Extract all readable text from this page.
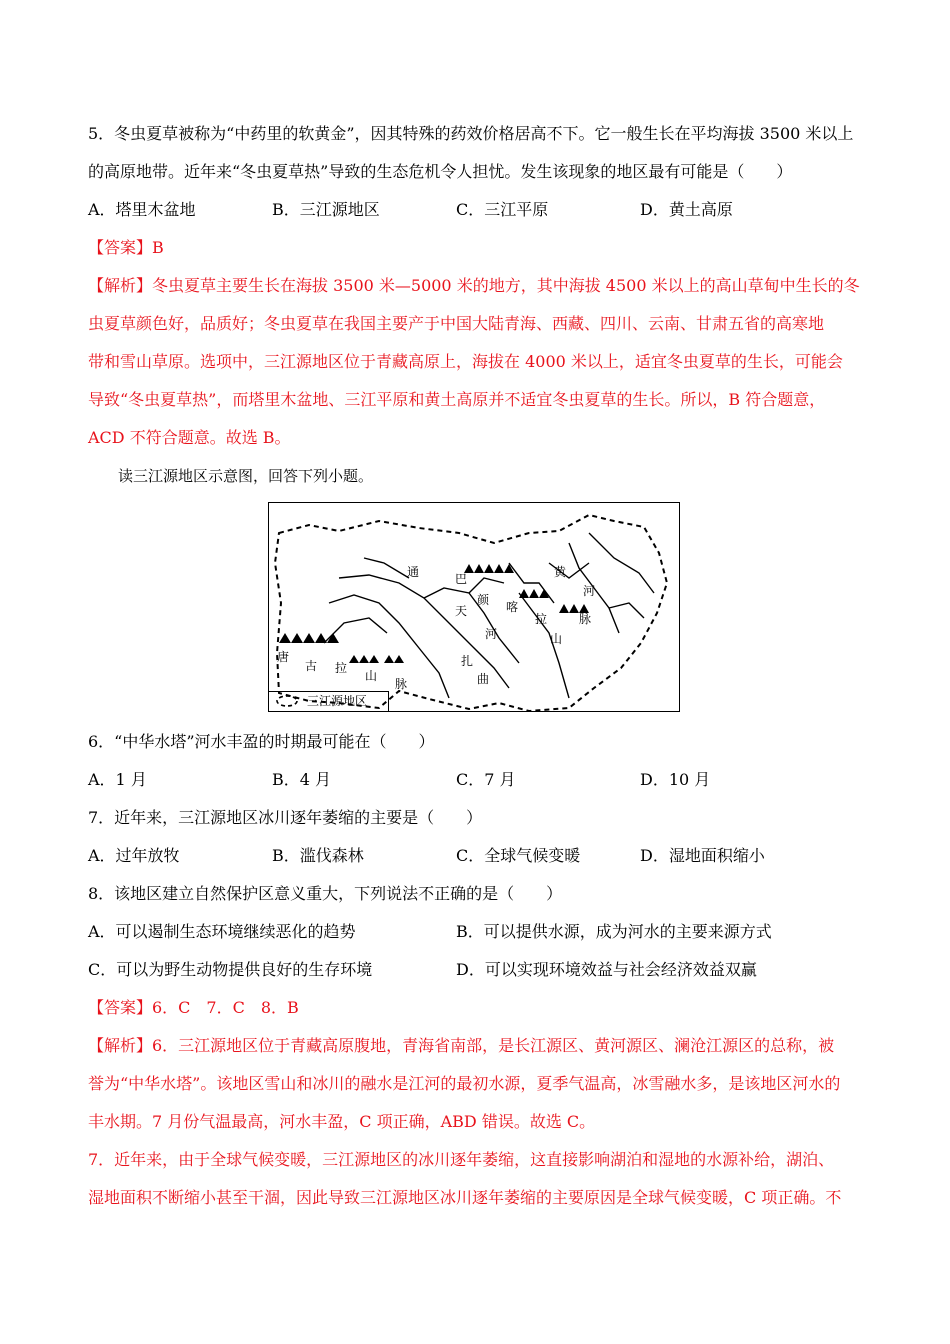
5．冬虫夏草被称为“中药里的软黄金”，因其特殊的药效价格居高不下。它一般生长在平均海拔 3500 米以上
的高原地带。近年来“冬虫夏草热”导致的生态危机令人担忧。发生该现象的地区最有可能是（　　）
A．塔里木盆地	B．三江源地区	C．三江平原	D．黄土高原
【答案】B
【解析】冬虫夏草主要生长在海拔 3500 米—5000 米的地方，其中海拔 4500 米以上的高山草甸中生长的冬
虫夏草颜色好，品质好；冬虫夏草在我国主要产于中国大陆青海、西藏、四川、云南、甘肃五省的高寒地
带和雪山草原。选项中，三江源地区位于青藏高原上，海拔在 4000 米以上，适宜冬虫夏草的生长，可能会
导致“冬虫夏草热”，而塔里木盆地、三江平原和黄土高原并不适宜冬虫夏草的生长。所以，B 符合题意，
ACD 不符合题意。故选 B。
读三江源地区示意图，回答下列小题。
通	巴
颜 喀
拉
山
天
河
黄
河
脉
唐
古 拉
山
脉
扎
曲
三江源地区
6．“中华水塔”河水丰盈的时期最可能在（　　）
A．1 月	B．4 月	C．7 月	D．10 月
7．近年来，三江源地区冰川逐年萎缩的主要是（　　）
A．过年放牧	B．滥伐森林	C．全球气候变暖	D．湿地面积缩小
8．该地区建立自然保护区意义重大，下列说法不正确的是（　　）
A．可以遏制生态环境继续恶化的趋势	B．可以提供水源，成为河水的主要来源方式
C．可以为野生动物提供良好的生存环境	D．可以实现环境效益与社会经济效益双赢
【答案】6．C　7．C　8．B
【解析】6．三江源地区位于青藏高原腹地，青海省南部，是长江源区、黄河源区、澜沧江源区的总称，被
誉为“中华水塔”。该地区雪山和冰川的融水是江河的最初水源，夏季气温高，冰雪融水多，是该地区河水的
丰水期。7 月份气温最高，河水丰盈，C 项正确，ABD 错误。故选 C。
7．近年来，由于全球气候变暖，三江源地区的冰川逐年萎缩，这直接影响湖泊和湿地的水源补给，湖泊、
湿地面积不断缩小甚至干涸，因此导致三江源地区冰川逐年萎缩的主要原因是全球气候变暖，C 项正确。不
